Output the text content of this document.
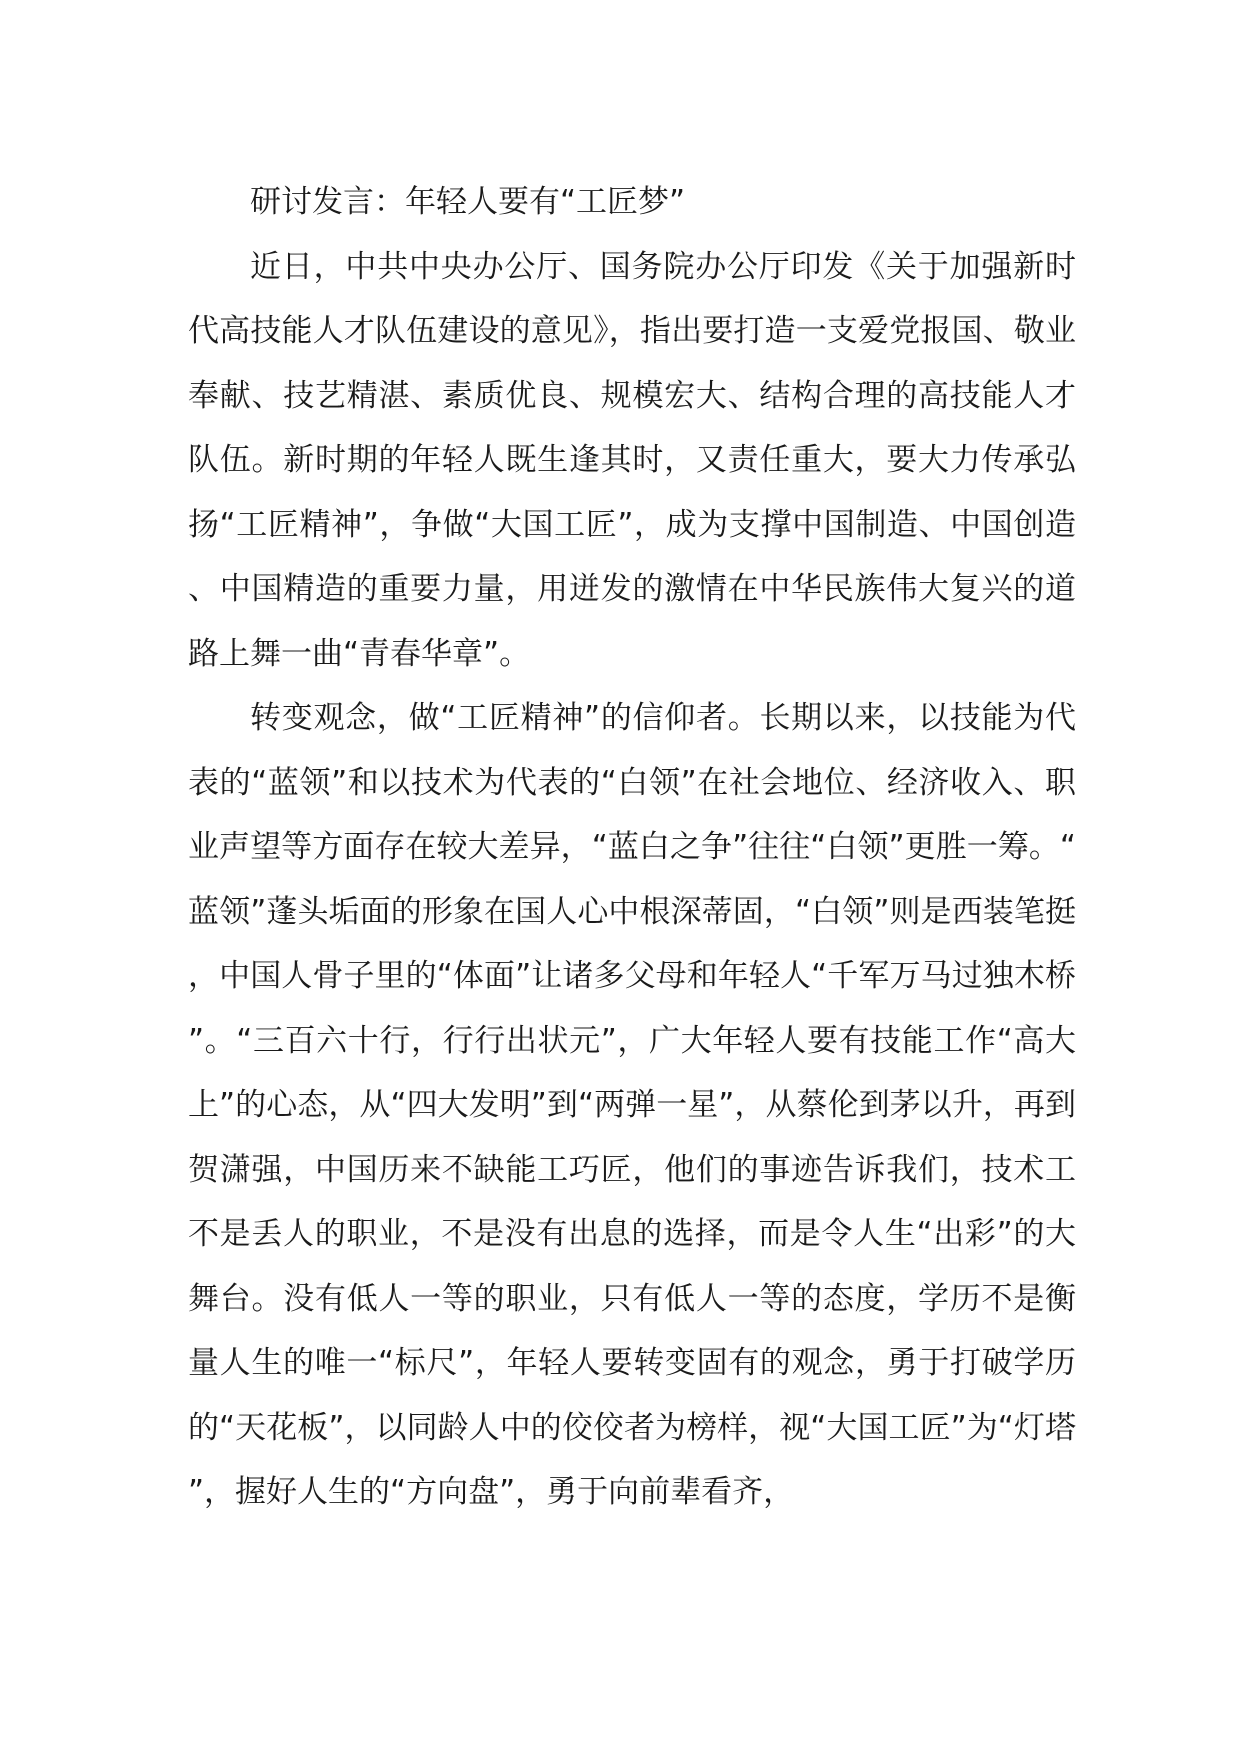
研讨发言：年轻人要有“工匠梦”

近日，中共中央办公厅、国务院办公厅印发《关于加强新时代高技能人才队伍建设的意见》，指出要打造一支爱党报国、敬业奉献、技艺精湛、素质优良、规模宏大、结构合理的高技能人才队伍。新时期的年轻人既生逢其时，又责任重大，要大力传承弘扬“工匠精神”，争做“大国工匠”，成为支撑中国制造、中国创造、中国精造的重要力量，用迸发的激情在中华民族伟大复兴的道路上舞一曲“青春华章”。

转变观念，做“工匠精神”的信仰者。长期以来，以技能为代表的“蓝领”和以技术为代表的“白领”在社会地位、经济收入、职业声望等方面存在较大差异，“蓝白之争”往往“白领”更胜一筹。“蓝领”蓬头垢面的形象在国人心中根深蒂固，“白领”则是西装笔挺，中国人骨子里的“体面”让诸多父母和年轻人“千军万马过独木桥”。“三百六十行，行行出状元”，广大年轻人要有技能工作“高大上”的心态，从“四大发明”到“两弹一星”，从蔡伦到茅以升，再到贺潇强，中国历来不缺能工巧匠，他们的事迹告诉我们，技术工不是丢人的职业，不是没有出息的选择，而是令人生“出彩”的大舞台。没有低人一等的职业，只有低人一等的态度，学历不是衡量人生的唯一“标尺”，年轻人要转变固有的观念，勇于打破学历的“天花板”，以同龄人中的佼佼者为榜样，视“大国工匠”为“灯塔”，握好人生的“方向盘”，勇于向前辈看齐，
